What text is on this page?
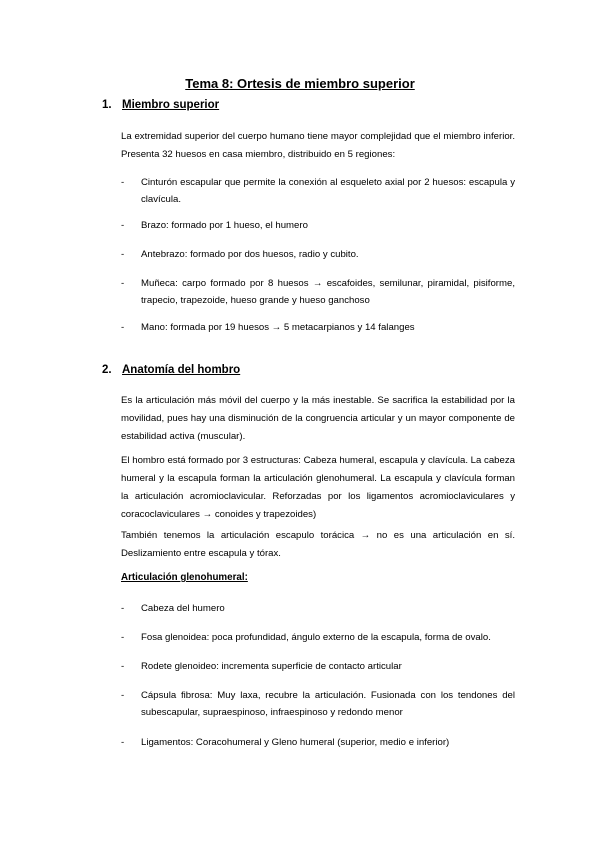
Tema 8: Ortesis de miembro superior
1. Miembro superior

La extremidad superior del cuerpo humano tiene mayor complejidad que el miembro inferior. Presenta 32 huesos en casa miembro, distribuido en 5 regiones:

- Cinturón escapular que permite la conexión al esqueleto axial por 2 huesos: escapula y clavícula.
- Brazo: formado por 1 hueso, el humero
- Antebrazo: formado por dos huesos, radio y cubito.
- Muñeca: carpo formado por 8 huesos → escafoides, semilunar, piramidal, pisiforme, trapecio, trapezoide, hueso grande y hueso ganchoso
- Mano: formada por 19 huesos → 5 metacarpianos y 14 falanges
2. Anatomía del hombro

Es la articulación más móvil del cuerpo y la más inestable. Se sacrifica la estabilidad por la movilidad, pues hay una disminución de la congruencia articular y un mayor componente de estabilidad activa (muscular).

El hombro está formado por 3 estructuras: Cabeza humeral, escapula y clavícula. La cabeza humeral y la escapula forman la articulación glenohumeral. La escapula y clavícula forman la articulación acromioclavicular. Reforzadas por los ligamentos acromioclaviculares y coracoclaviculares → conoides y trapezoides)

También tenemos la articulación escapulo torácica → no es una articulación en sí. Deslizamiento entre escapula y tórax.

Articulación glenohumeral:
- Cabeza del humero
- Fosa glenoidea: poca profundidad, ángulo externo de la escapula, forma de ovalo.
- Rodete glenoideo: incrementa superficie de contacto articular
- Cápsula fibrosa: Muy laxa, recubre la articulación. Fusionada con los tendones del subescapular, supraespinoso, infraespinoso y redondo menor
- Ligamentos: Coracohumeral y Gleno humeral (superior, medio e inferior)
